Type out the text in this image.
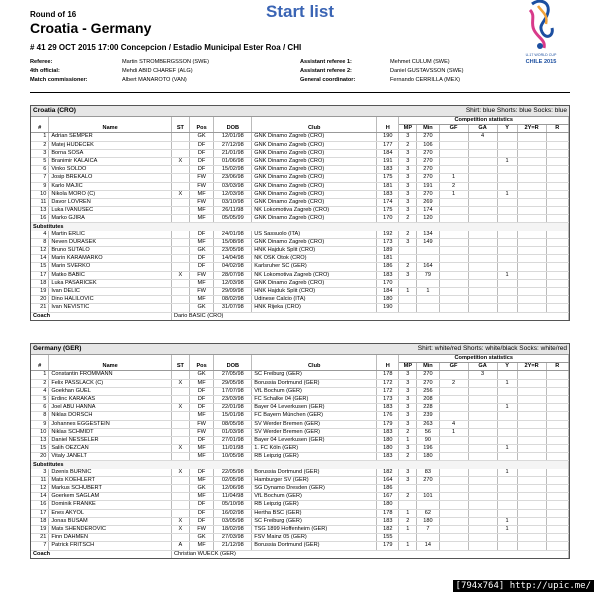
Round of 16
Croatia - Germany
Start list
# 41 29 OCT 2015 17:00 Concepcion / Estadio Municipal Ester Roa / CHI
U-17 WORLD CUP
CHILE 2015
Referee:	Martin STROMBERGSSON (SWE)	Assistant referee 1:	Mehmet CULUM (SWE)
4th official:	Mehdi ABID CHAREF (ALG)	Assistant referee 2:	Daniel GUSTAVSSON (SWE)
Match commissioner:	Albert MANAROTO (VAN)	General coordinator:	Fernando CERRILLA (MEX)
Croatia (CRO)	Shirt: blue Shorts: blue Socks: blue
							Competition statistics						
#	Name	ST	Pos	DOB	Club	H	MP	Min	GF	GA	Y	2Y=R	R
1	Adrian SEMPER		GK	12/01/98	GNK Dinamo Zagreb (CRO)	190	3	270		4			
2	Matej HUDECEK		DF	27/12/98	GNK Dinamo Zagreb (CRO)	177	2	106					
3	Borna SOSA		DF	21/01/98	GNK Dinamo Zagreb (CRO)	184	3	270					
5	Branimir KALAICA	X	DF	01/06/98	GNK Dinamo Zagreb (CRO)	191	3	270			1		
6	Vinko SOLDO		DF	15/02/98	GNK Dinamo Zagreb (CRO)	183	3	270					
7	Josip BREKALO		FW	23/06/98	GNK Dinamo Zagreb (CRO)	175	3	270	1				
9	Karlo MAJIC		FW	03/03/98	GNK Dinamo Zagreb (CRO)	181	3	191	2				
10	Nikola MORO (C)	X	MF	12/03/98	GNK Dinamo Zagreb (CRO)	183	3	270	1		1		
11	Davor LOVREN		FW	03/10/98	GNK Dinamo Zagreb (CRO)	174	3	269					
13	Luka IVANUSEC		MF	26/11/98	NK Lokomotiva Zagreb (CRO)	175	3	174					
16	Marko GJIRA		MF	05/05/99	GNK Dinamo Zagreb (CRO)	170	2	120					
Substitutes													
4	Martin ERLIC		DF	24/01/98	US Sassuolo (ITA)	192	2	134					
8	Neven DURASEK		MF	15/08/98	GNK Dinamo Zagreb (CRO)	173	3	149					
12	Bruno SUTALO		GK	23/05/98	HNK Hajduk Split (CRO)	189							
14	Marin KARAMARKO		DF	14/04/98	NK OSK Otok (CRO)	181							
15	Marin SVERKO		DF	04/02/98	Karlsruher SC (GER)	186	2	164					
17	Matko BABIC	X	FW	28/07/98	NK Lokomotiva Zagreb (CRO)	183	3	79			1		
18	Luka PASARICEK		MF	12/03/98	GNK Dinamo Zagreb (CRO)	170							
19	Ivan DELIC		FW	29/09/98	HNK Hajduk Split (CRO)	184	1	1					
20	Dino HALILOVIC		MF	08/02/98	Udinese Calcio (ITA)	180							
21	Ivan NEVISTIC		GK	31/07/98	HNK Rijeka (CRO)	190							
Coach		Dario BASIC (CRO)											
Germany (GER)	Shirt: white/red Shorts: white/black Socks: white/red
							Competition statistics						
#	Name	ST	Pos	DOB	Club	H	MP	Min	GF	GA	Y	2Y=R	R
1	Constantin FROMMANN		GK	27/05/98	SC Freiburg (GER)	178	3	270		3			
2	Felix PASSLACK (C)	X	MF	29/05/98	Borussia Dortmund (GER)	172	3	270	2		1		
4	Goekhan GUEL		DF	17/07/98	VfL Bochum (GER)	172	3	256					
5	Erdinc KARAKAS		DF	23/03/98	FC Schalke 04 (GER)	173	3	208					
6	Joel ABU HANNA	X	DF	22/01/98	Bayer 04 Leverkusen (GER)	183	3	228			1		
8	Niklas DORSCH		MF	15/01/98	FC Bayern München (GER)	176	3	239					
9	Johannes EGGESTEIN		FW	08/05/98	SV Werder Bremen (GER)	179	3	263	4				
10	Niklas SCHMIDT		FW	01/03/98	SV Werder Bremen (GER)	183	2	56	1				
13	Daniel NESSELER		DF	27/01/98	Bayer 04 Leverkusen (GER)	180	1	90					
15	Salih OEZCAN	X	MF	11/01/98	1. FC Köln (GER)	180	3	196			1		
20	Vitaly JANELT		MF	10/05/98	RB Leipzig (GER)	183	2	180					
Substitutes													
3	Dzenis BURNIC	X	DF	22/05/98	Borussia Dortmund (GER)	182	3	83			1		
11	Mats KOEHLERT		MF	02/05/98	Hamburger SV (GER)	164	3	270					
12	Markus SCHUBERT		GK	12/06/98	SG Dynamo Dresden (GER)	186							
14	Goerkem SAGLAM		MF	11/04/98	VfL Bochum (GER)	167	2	101					
16	Dominik FRANKE		DF	05/10/98	RB Leipzig (GER)	180							
17	Enes AKYOL		DF	16/02/98	Hertha BSC (GER)	178	1	62					
18	Jonas BUSAM	X	DF	03/05/98	SC Freiburg (GER)	183	2	180			1		
19	Mats SHENDEROVIC	X	FW	18/02/98	TSG 1899 Hoffenheim (GER)	182	1	7			1		
21	Finn DAHMEN		GK	27/03/98	FSV Mainz 05 (GER)	155							
7	Patrick FRITSCH	A	MF	21/12/98	Borussia Dortmund (GER)	179	1	14					
Coach		Christian WUECK (GER)											
[794x764] http://upic.me/
